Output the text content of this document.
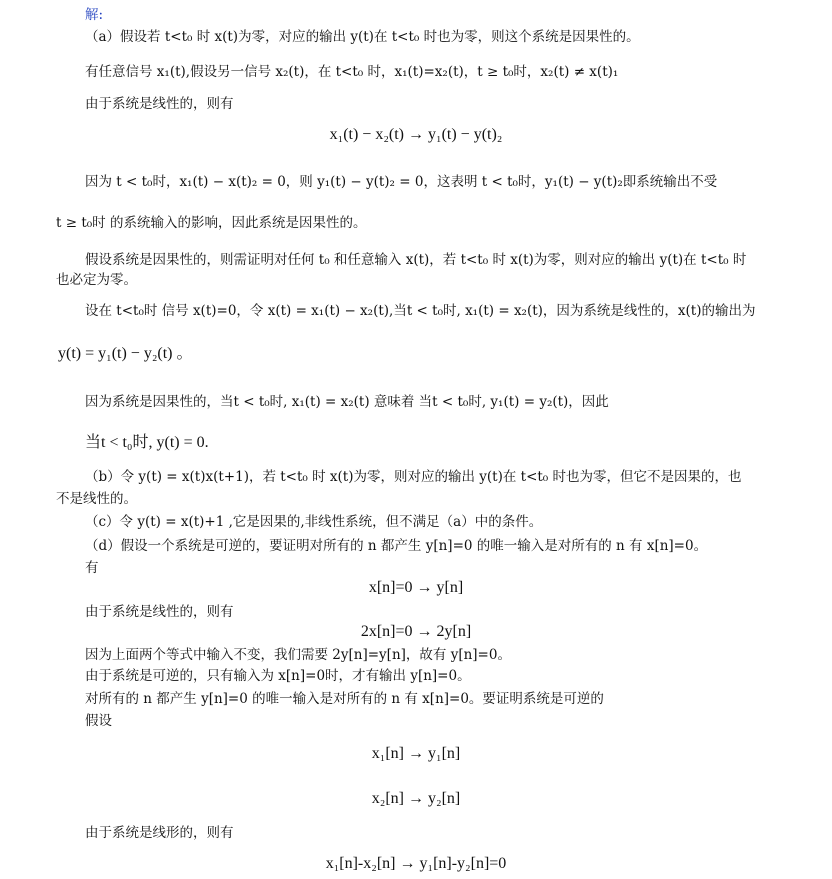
解:
（a）假设若 t<t₀ 时 x(t)为零，对应的输出 y(t)在 t<t₀ 时也为零，则这个系统是因果性的。
有任意信号 x₁(t),假设另一信号 x₂(t)，在 t<t₀ 时，x₁(t)=x₂(t)，t ≥ t₀时，x₂(t) ≠ x(t)₁
由于系统是线性的，则有
x₁(t) − x₂(t) → y₁(t) − y(t)₂
因为 t < t₀时，x₁(t) − x(t)₂ = 0，则 y₁(t) − y(t)₂ = 0，这表明 t < t₀时，y₁(t) − y(t)₂即系统输出不受
t ≥ t₀时 的系统输入的影响，因此系统是因果性的。
假设系统是因果性的，则需证明对任何 t₀ 和任意输入 x(t)，若 t<t₀ 时 x(t)为零，则对应的输出 y(t)在 t<t₀ 时
也必定为零。
设在 t<t₀时 信号 x(t)=0，令 x(t) = x₁(t) − x₂(t),当t < t₀时, x₁(t) = x₂(t)，因为系统是线性的，x(t)的输出为
y(t) = y₁(t) − y₂(t) 。
因为系统是因果性的，当t < t₀时, x₁(t) = x₂(t) 意味着 当t < t₀时, y₁(t) = y₂(t)，因此
当t < t₀时, y(t) = 0.
（b）令 y(t) = x(t)x(t+1)，若 t<t₀ 时 x(t)为零，则对应的输出 y(t)在 t<t₀ 时也为零，但它不是因果的，也
不是线性的。
（c）令 y(t) = x(t)+1 ,它是因果的,非线性系统，但不满足（a）中的条件。
（d）假设一个系统是可逆的，要证明对所有的 n 都产生 y[n]=0 的唯一输入是对所有的 n 有 x[n]=0。
有
x[n]=0 → y[n]
由于系统是线性的，则有
2x[n]=0 → 2y[n]
因为上面两个等式中输入不变，我们需要 2y[n]=y[n]，故有 y[n]=0。
由于系统是可逆的，只有输入为 x[n]=0时，才有输出 y[n]=0。
对所有的 n 都产生 y[n]=0 的唯一输入是对所有的 n 有 x[n]=0。要证明系统是可逆的
假设
x₁[n] → y₁[n]
x₂[n] → y₂[n]
由于系统是线形的，则有
x₁[n]-x₂[n] → y₁[n]-y₂[n]=0
